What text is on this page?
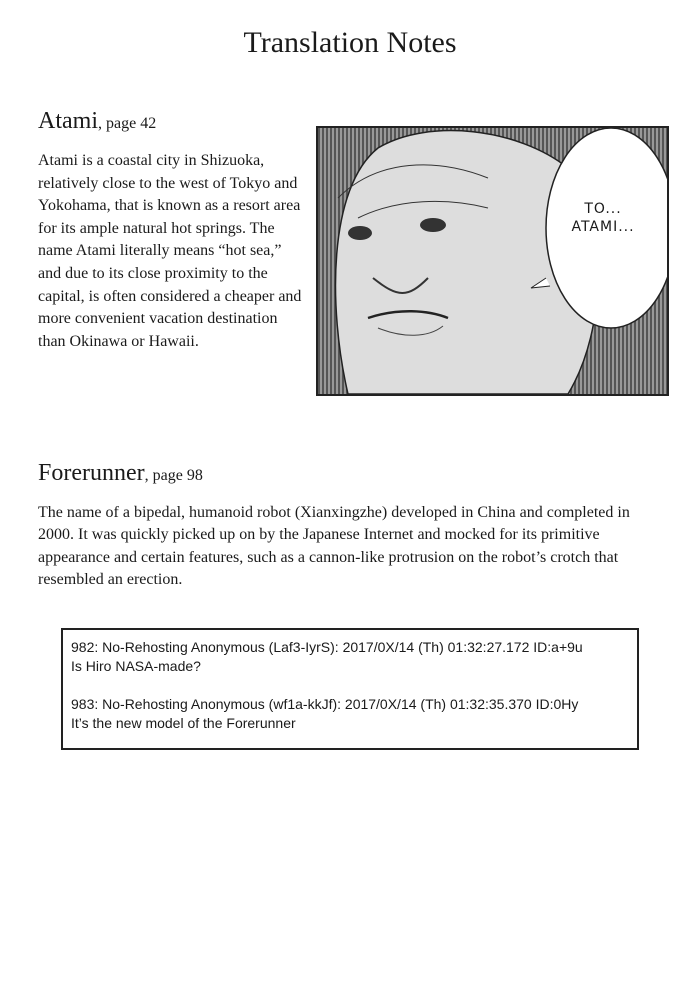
Translation Notes
Atami, page 42
Atami is a coastal city in Shizuoka, relatively close to the west of Tokyo and Yokohama, that is known as a resort area for its ample natural hot springs. The name Atami literally means “hot sea,” and due to its close proximity to the capital, is often considered a cheaper and more convenient vacation destination than Okinawa or Hawaii.
TO...
ATAMI...
Forerunner, page 98
The name of a bipedal, humanoid robot (Xianxingzhe) developed in China and completed in 2000. It was quickly picked up on by the Japanese Internet and mocked for its primitive appearance and certain features, such as a cannon-like protrusion on the robot’s crotch that resembled an erection.
982: No-Rehosting Anonymous (Laf3-IyrS): 2017/0X/14 (Th) 01:32:27.172 ID:a+9u
Is Hiro NASA-made?
983: No-Rehosting Anonymous (wf1a-kkJf): 2017/0X/14 (Th) 01:32:35.370 ID:0Hy
It’s the new model of the Forerunner
